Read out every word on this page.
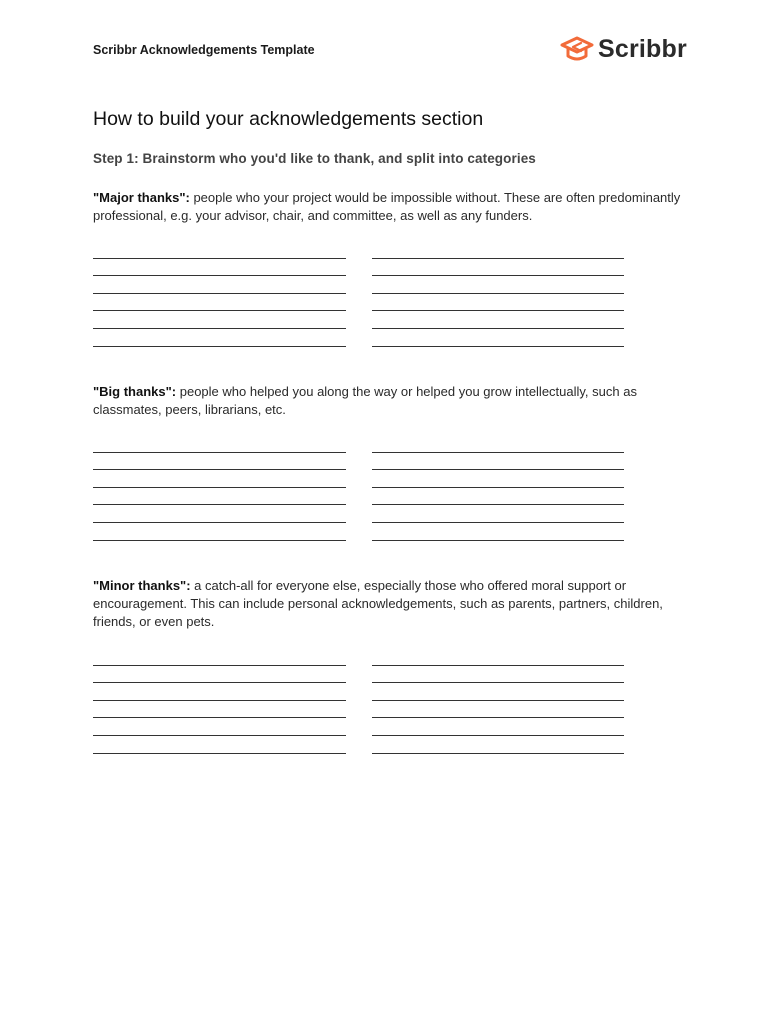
Scribbr Acknowledgements Template	Scribbr
How to build your acknowledgements section
Step 1: Brainstorm who you'd like to thank, and split into categories
"Major thanks": people who your project would be impossible without. These are often predominantly professional, e.g. your advisor, chair, and committee, as well as any funders.
"Big thanks": people who helped you along the way or helped you grow intellectually, such as classmates, peers, librarians, etc.
"Minor thanks": a catch-all for everyone else, especially those who offered moral support or encouragement. This can include personal acknowledgements, such as parents, partners, children, friends, or even pets.
